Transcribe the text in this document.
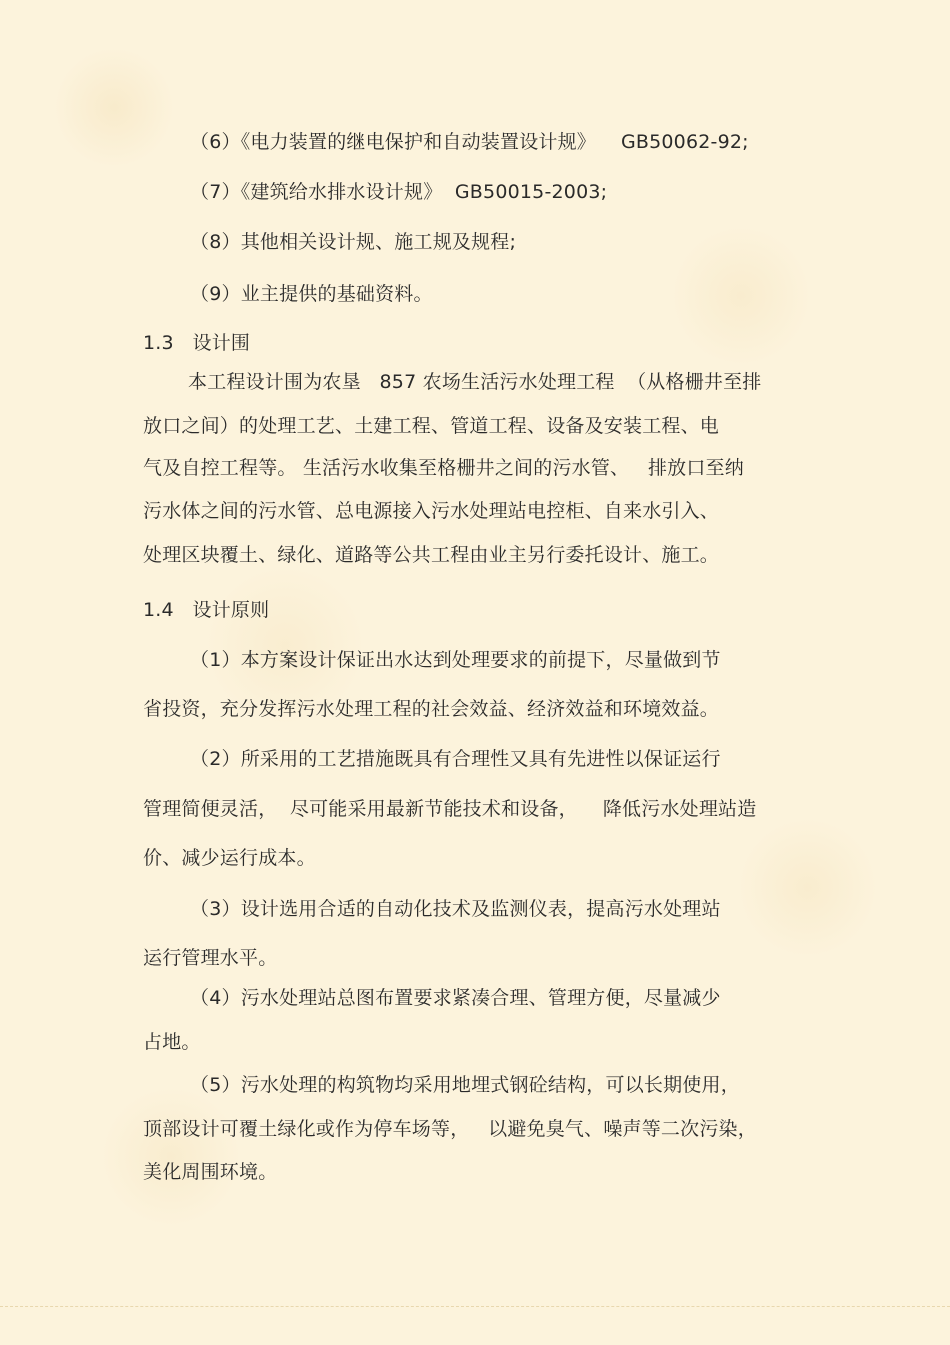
（6）《电力装置的继电保护和自动装置设计规》    GB50062-92;
（7）《建筑给水排水设计规》  GB50015-2003;
（8）其他相关设计规、施工规及规程;
（9）业主提供的基础资料。
1.3   设计围
本工程设计围为农垦   857 农场生活污水处理工程  （从格栅井至排
放口之间）的处理工艺、土建工程、管道工程、设备及安装工程、电
气及自控工程等。 生活污水收集至格栅井之间的污水管、   排放口至纳
污水体之间的污水管、总电源接入污水处理站电控柜、自来水引入、
处理区块覆土、绿化、道路等公共工程由业主另行委托设计、施工。
1.4   设计原则
（1）本方案设计保证出水达到处理要求的前提下，尽量做到节
省投资，充分发挥污水处理工程的社会效益、经济效益和环境效益。
（2）所采用的工艺措施既具有合理性又具有先进性以保证运行
管理简便灵活，  尽可能采用最新节能技术和设备，    降低污水处理站造
价、减少运行成本。
（3）设计选用合适的自动化技术及监测仪表，提高污水处理站
运行管理水平。
（4）污水处理站总图布置要求紧凑合理、管理方便，尽量减少
占地。
（5）污水处理的构筑物均采用地埋式钢砼结构，可以长期使用，
顶部设计可覆土绿化或作为停车场等，   以避免臭气、噪声等二次污染，
美化周围环境。
